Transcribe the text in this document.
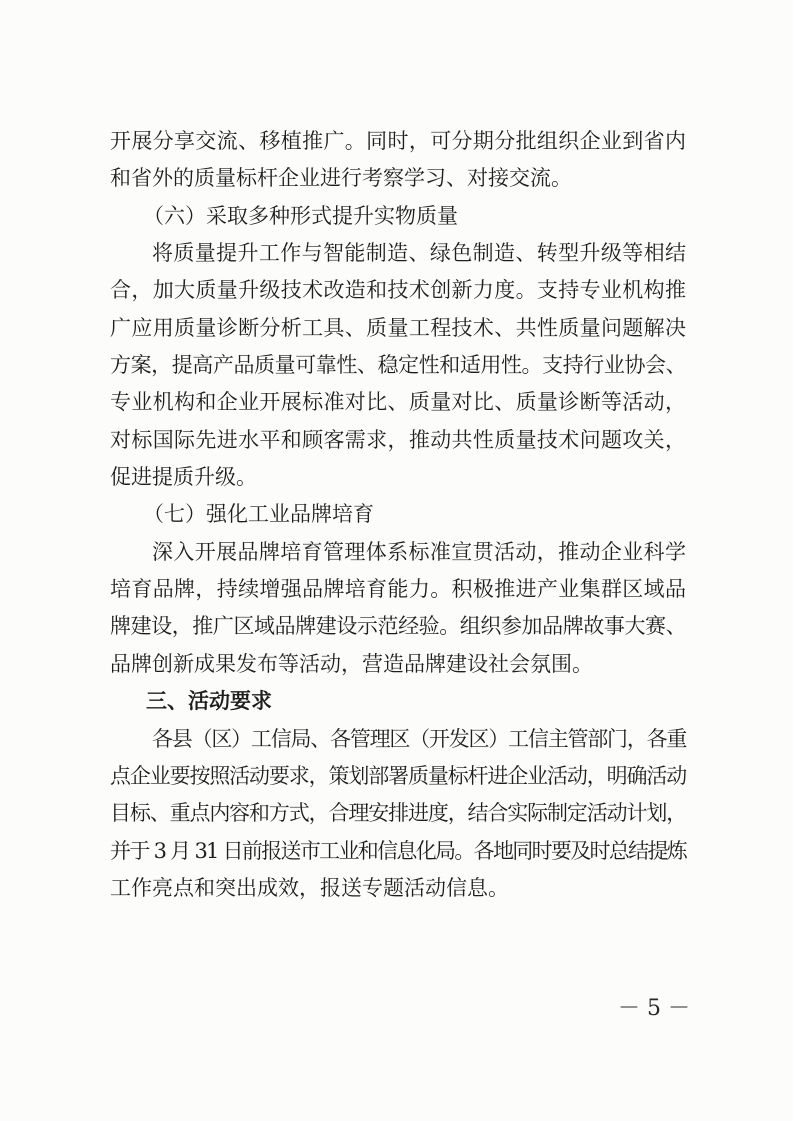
开展分享交流、移植推广。同时，可分期分批组织企业到省内
和省外的质量标杆企业进行考察学习、对接交流。
（六）采取多种形式提升实物质量
将质量提升工作与智能制造、绿色制造、转型升级等相结
合，加大质量升级技术改造和技术创新力度。支持专业机构推
广应用质量诊断分析工具、质量工程技术、共性质量问题解决
方案，提高产品质量可靠性、稳定性和适用性。支持行业协会、
专业机构和企业开展标准对比、质量对比、质量诊断等活动，
对标国际先进水平和顾客需求，推动共性质量技术问题攻关，
促进提质升级。
（七）强化工业品牌培育
深入开展品牌培育管理体系标准宣贯活动，推动企业科学
培育品牌，持续增强品牌培育能力。积极推进产业集群区域品
牌建设，推广区域品牌建设示范经验。组织参加品牌故事大赛、
品牌创新成果发布等活动，营造品牌建设社会氛围。
三、活动要求
各县（区）工信局、各管理区（开发区）工信主管部门，各重
点企业要按照活动要求，策划部署质量标杆进企业活动，明确活动
目标、重点内容和方式，合理安排进度，结合实际制定活动计划，
并于 3 月 31 日前报送市工业和信息化局。各地同时要及时总结提炼
工作亮点和突出成效，报送专题活动信息。
－ 5 －
